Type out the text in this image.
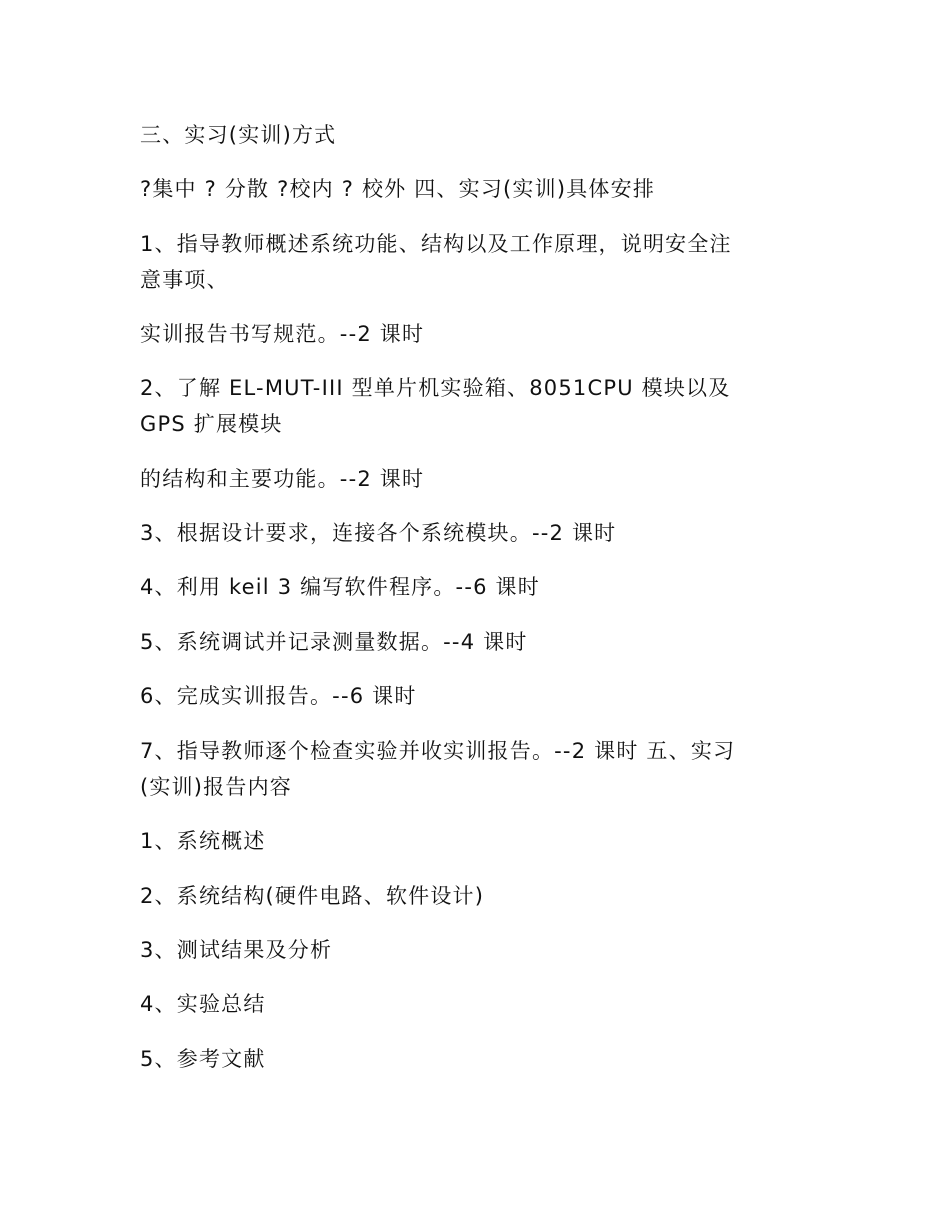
三、实习(实训)方式
?集中 ? 分散 ?校内 ? 校外 四、实习(实训)具体安排
1、指导教师概述系统功能、结构以及工作原理，说明安全注
意事项、
实训报告书写规范。--2 课时
2、了解 EL-MUT-III 型单片机实验箱、8051CPU 模块以及
GPS 扩展模块
的结构和主要功能。--2 课时
3、根据设计要求，连接各个系统模块。--2 课时
4、利用 keil 3 编写软件程序。--6 课时
5、系统调试并记录测量数据。--4 课时
6、完成实训报告。--6 课时
7、指导教师逐个检查实验并收实训报告。--2 课时 五、实习
(实训)报告内容
1、系统概述
2、系统结构(硬件电路、软件设计)
3、测试结果及分析
4、实验总结
5、参考文献
